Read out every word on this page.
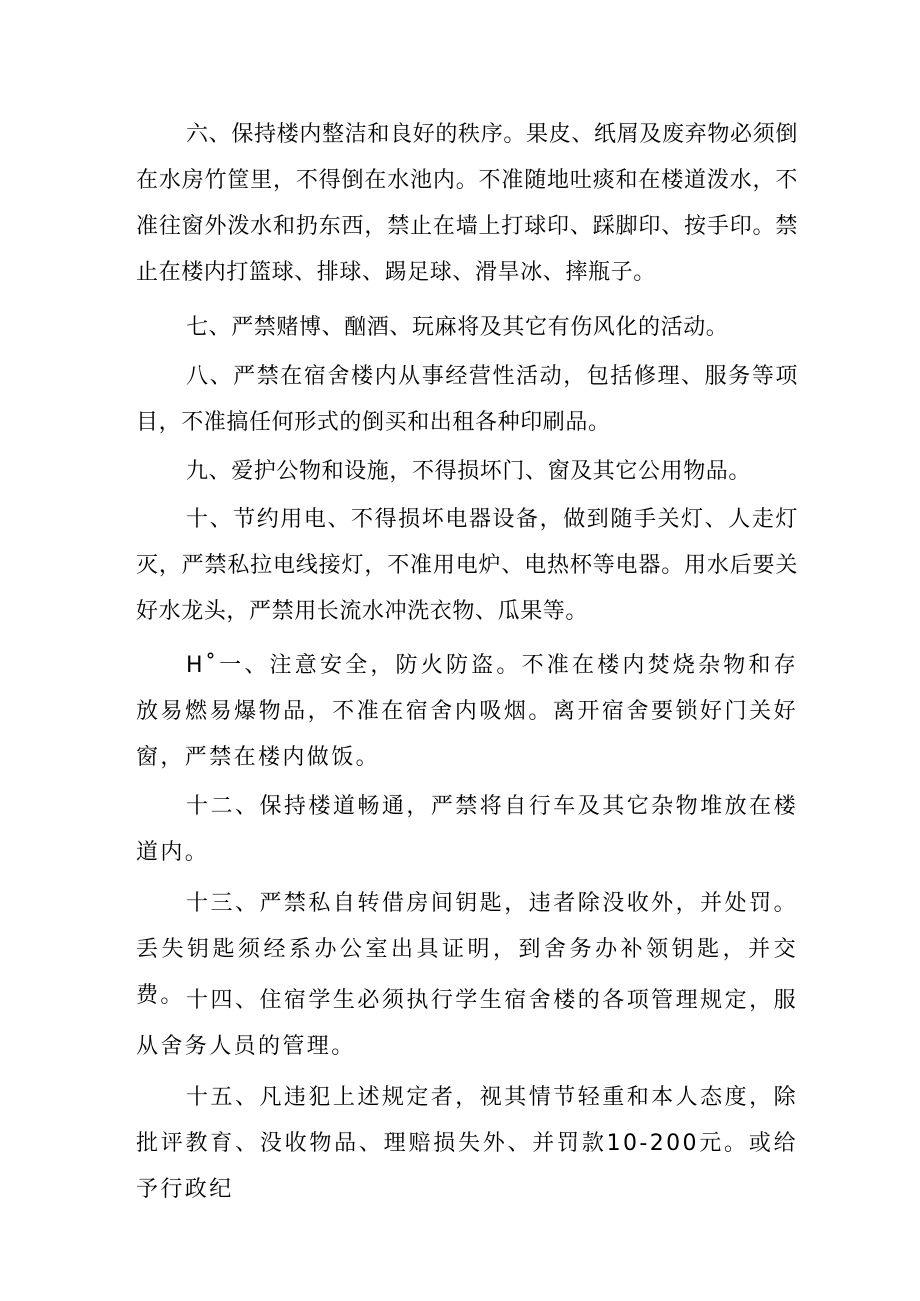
六、保持楼内整洁和良好的秩序。果皮、纸屑及废弃物必须倒在水房竹筐里，不得倒在水池内。不准随地吐痰和在楼道泼水，不准往窗外泼水和扔东西，禁止在墙上打球印、踩脚印、按手印。禁止在楼内打篮球、排球、踢足球、滑旱冰、摔瓶子。

七、严禁赌博、酗酒、玩麻将及其它有伤风化的活动。

八、严禁在宿舍楼内从事经营性活动，包括修理、服务等项目，不准搞任何形式的倒买和出租各种印刷品。

九、爱护公物和设施，不得损坏门、窗及其它公用物品。

十、节约用电、不得损坏电器设备，做到随手关灯、人走灯灭，严禁私拉电线接灯，不准用电炉、电热杯等电器。用水后要关好水龙头，严禁用长流水冲洗衣物、瓜果等。

H˚一、注意安全，防火防盗。不准在楼内焚烧杂物和存放易燃易爆物品，不准在宿舍内吸烟。离开宿舍要锁好门关好窗，严禁在楼内做饭。

十二、保持楼道畅通，严禁将自行车及其它杂物堆放在楼道内。

十三、严禁私自转借房间钥匙，违者除没收外，并处罚。丢失钥匙须经系办公室出具证明，到舍务办补领钥匙，并交费。 十四、住宿学生必须执行学生宿舍楼的各项管理规定，服从舍务人员的管理。

十五、凡违犯上述规定者，视其情节轻重和本人态度，除批评教育、没收物品、理赔损失外、并罚款10-200元。或给予行政纪
